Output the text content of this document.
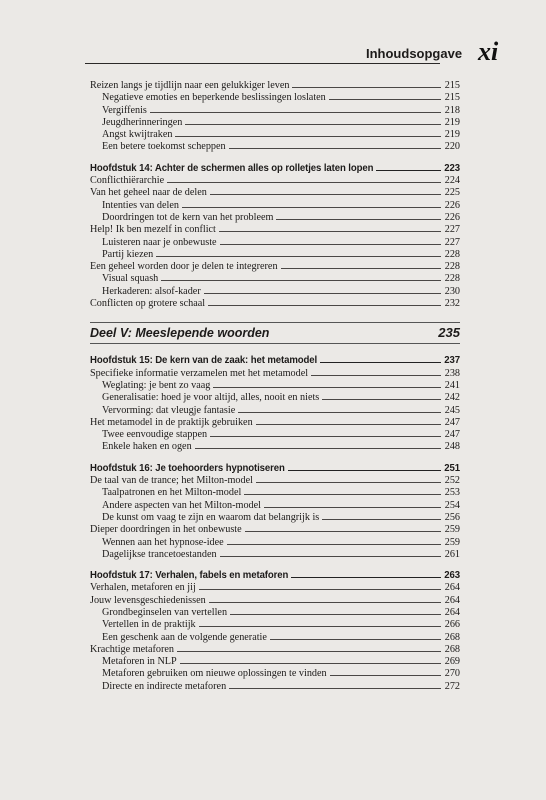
Inhoudsopgave xi
Reizen langs je tijdlijn naar een gelukkiger leven	215
Negatieve emoties en beperkende beslissingen loslaten	215
Vergiffenis	218
Jeugdherinneringen	219
Angst kwijtraken	219
Een betere toekomst scheppen	220
Hoofdstuk 14: Achter de schermen alles op rolletjes laten lopen	223
Conflicthiërarchie	224
Van het geheel naar de delen	225
Intenties van delen	226
Doordringen tot de kern van het probleem	226
Help! Ik ben mezelf in conflict	227
Luisteren naar je onbewuste	227
Partij kiezen	228
Een geheel worden door je delen te integreren	228
Visual squash	228
Herkaderen: alsof-kader	230
Conflicten op grotere schaal	232
Deel V: Meeslepende woorden	235
Hoofdstuk 15: De kern van de zaak: het metamodel	237
Specifieke informatie verzamelen met het metamodel	238
Weglating: je bent zo vaag	241
Generalisatie: hoed je voor altijd, alles, nooit en niets	242
Vervorming: dat vleugje fantasie	245
Het metamodel in de praktijk gebruiken	247
Twee eenvoudige stappen	247
Enkele haken en ogen	248
Hoofdstuk 16: Je toehoorders hypnotiseren	251
De taal van de trance; het Milton-model	252
Taalpatronen en het Milton-model	253
Andere aspecten van het Milton-model	254
De kunst om vaag te zijn en waarom dat belangrijk is	256
Dieper doordringen in het onbewuste	259
Wennen aan het hypnose-idee	259
Dagelijkse trancetoestanden	261
Hoofdstuk 17: Verhalen, fabels en metaforen	263
Verhalen, metaforen en jij	264
Jouw levensgeschiedenissen	264
Grondbeginselen van vertellen	264
Vertellen in de praktijk	266
Een geschenk aan de volgende generatie	268
Krachtige metaforen	268
Metaforen in NLP	269
Metaforen gebruiken om nieuwe oplossingen te vinden	270
Directe en indirecte metaforen	272
